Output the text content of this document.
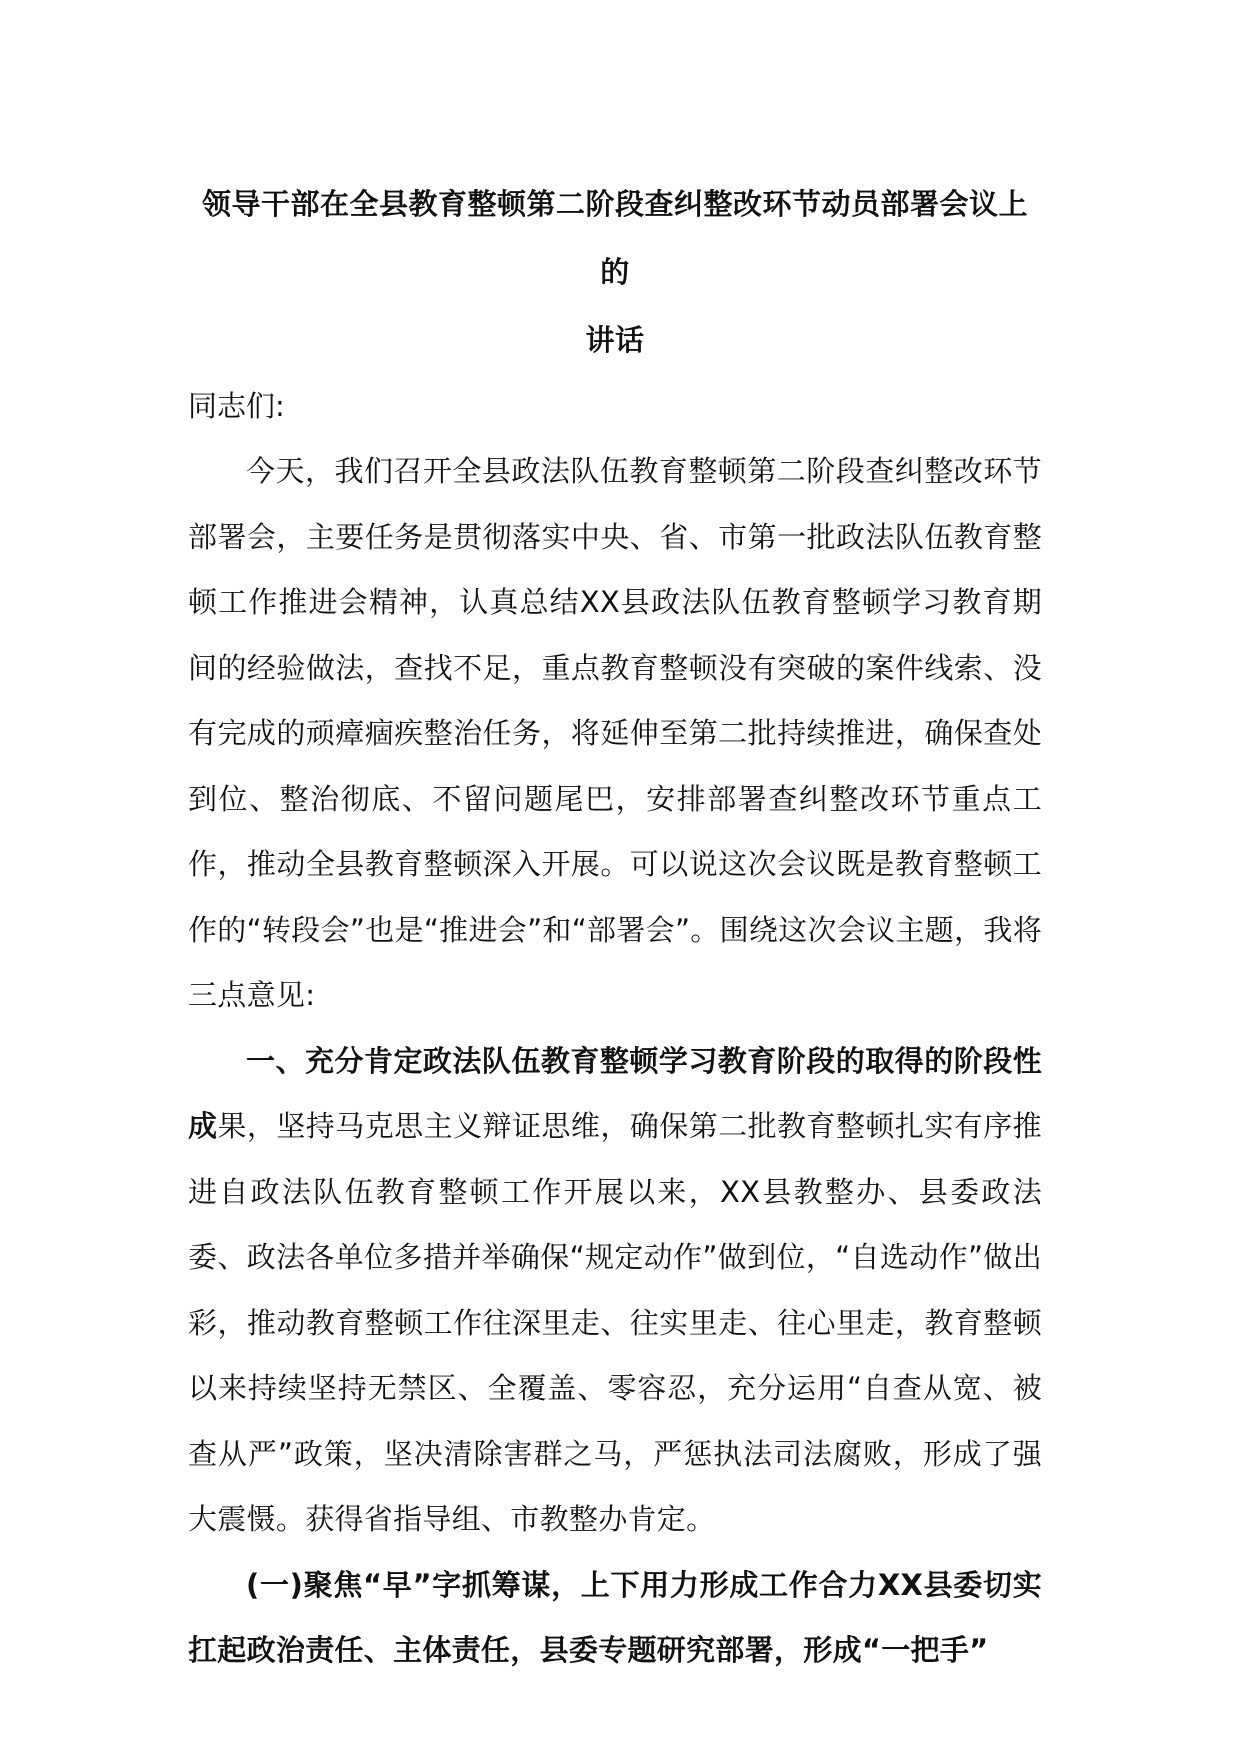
领导干部在全县教育整顿第二阶段查纠整改环节动员部署会议上的
讲话

同志们:

今天，我们召开全县政法队伍教育整顿第二阶段查纠整改环节部署会，主要任务是贯彻落实中央、省、市第一批政法队伍教育整顿工作推进会精神，认真总结XX县政法队伍教育整顿学习教育期间的经验做法，查找不足，重点教育整顿没有突破的案件线索、没有完成的顽瘴痼疾整治任务，将延伸至第二批持续推进，确保查处到位、整治彻底、不留问题尾巴，安排部署查纠整改环节重点工作，推动全县教育整顿深入开展。可以说这次会议既是教育整顿工作的“转段会”也是“推进会”和“部署会”。围绕这次会议主题，我将三点意见:

一、充分肯定政法队伍教育整顿学习教育阶段的取得的阶段性成果，坚持马克思主义辩证思维，确保第二批教育整顿扎实有序推进自政法队伍教育整顿工作开展以来，XX县教整办、县委政法委、政法各单位多措并举确保“规定动作”做到位，“自选动作”做出彩，推动教育整顿工作往深里走、往实里走、往心里走，教育整顿以来持续坚持无禁区、全覆盖、零容忍，充分运用“自查从宽、被查从严”政策，坚决清除害群之马，严惩执法司法腐败，形成了强大震慑。获得省指导组、市教整办肯定。

(一)聚焦“早”字抓筹谋，上下用力形成工作合力XX县委切实扛起政治责任、主体责任，县委专题研究部署，形成“一把手”
